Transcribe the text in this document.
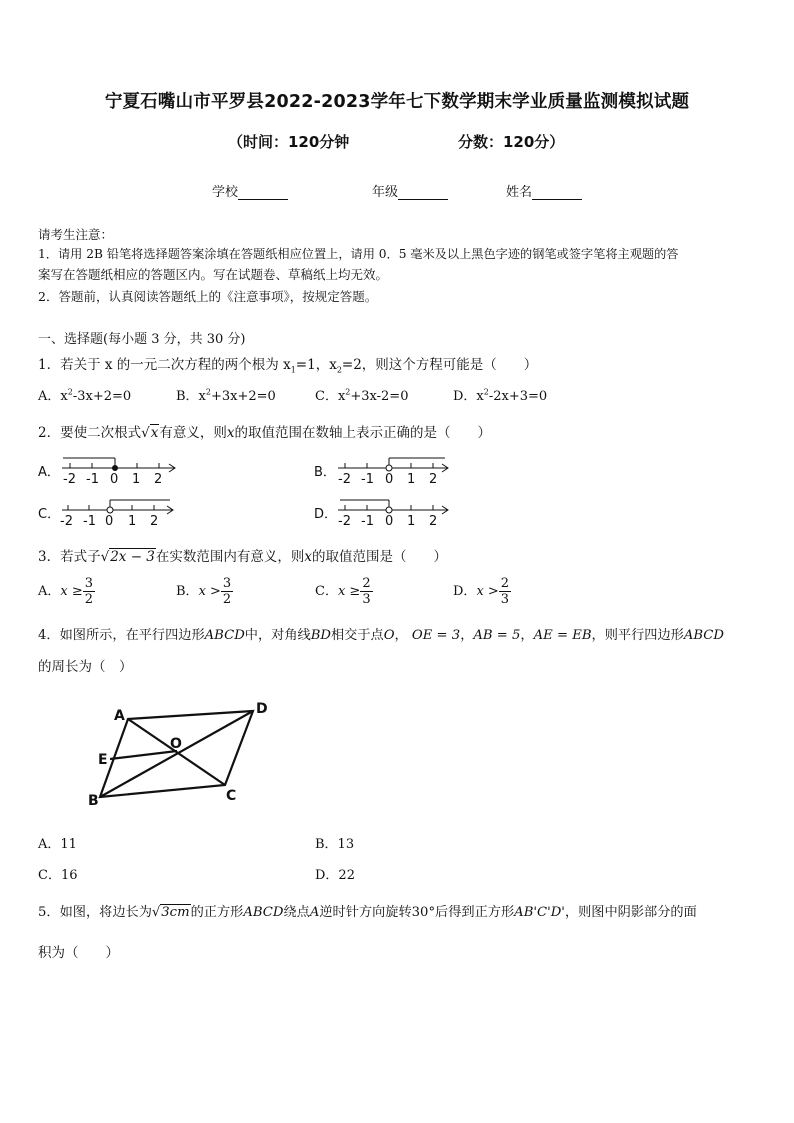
宁夏石嘴山市平罗县2022-2023学年七下数学期末学业质量监测模拟试题
（时间：120分钟	分数：120分）
学校	年级	姓名
请考生注意：
1．请用 2B 铅笔将选择题答案涂填在答题纸相应位置上，请用 0．5 毫米及以上黑色字迹的钢笔或签字笔将主观题的答
案写在答题纸相应的答题区内。写在试题卷、草稿纸上均无效。
2．答题前，认真阅读答题纸上的《注意事项》，按规定答题。
一、选择题(每小题 3 分，共 30 分)
1．若关于 x 的一元二次方程的两个根为 $x_1=1$，$x_2=2$，则这个方程可能是（　　）
A．$x^2-3x+2=0$	B．$x^2+3x+2=0$	C．$x^2+3x-2=0$	D．$x^2-2x+3=0$
2．要使二次根式√x有意义，则x的取值范围在数轴上表示正确的是（　　）
A． -2 -1 0 1 2	B． -2 -1 0 1 2
C． -2 -1 0 1 2	D． -2 -1 0 1 2
3．若式子√2x − 3在实数范围内有意义，则x的取值范围是（　　）
A．$x \ge \frac{3}{2}$	B．$x > \frac{3}{2}$	C．$x \ge \frac{2}{3}$	D．$x > \frac{2}{3}$
4．如图所示，在平行四边形ABCD中，对角线BD相交于点O， OE = 3，AB = 5，AE = EB，则平行四边形ABCD
的周长为（　）
A	D
E
O
B	C
A．11	B．13
C．16	D．22
5．如图，将边长为√3cm的正方形ABCD绕点A逆时针方向旋转30°后得到正方形AB'C'D'，则图中阴影部分的面
积为（　　）
